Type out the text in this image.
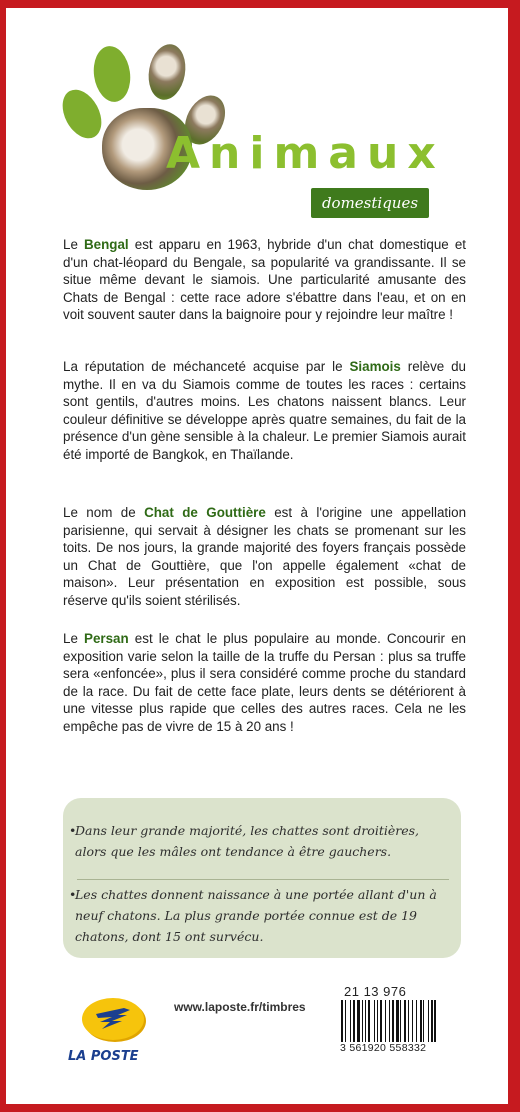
Animaux
domestiques

Le Bengal est apparu en 1963, hybride d'un chat domestique et d'un chat-léopard du Bengale, sa popularité va grandissante. Il se situe même devant le siamois. Une particularité amusante des Chats de Bengal : cette race adore s'ébattre dans l'eau, et on en voit souvent sauter dans la baignoire pour y rejoindre leur maître !

La réputation de méchanceté acquise par le Siamois relève du mythe. Il en va du Siamois comme de toutes les races : certains sont gentils, d'autres moins. Les chatons naissent blancs. Leur couleur définitive se développe après quatre semaines, du fait de la présence d'un gène sensible à la chaleur. Le premier Siamois aurait été importé de Bangkok, en Thaïlande.

Le nom de Chat de Gouttière est à l'origine une appellation parisienne, qui servait à désigner les chats se promenant sur les toits. De nos jours, la grande majorité des foyers français possède un Chat de Gouttière, que l'on appelle également «chat de maison». Leur présentation en exposition est possible, sous réserve qu'ils soient stérilisés.

Le Persan est le chat le plus populaire au monde. Concourir en exposition varie selon la taille de la truffe du Persan : plus sa truffe sera «enfoncée», plus il sera considéré comme proche du standard de la race. Du fait de cette face plate, leurs dents se détériorent à une vitesse plus rapide que celles des autres races. Cela ne les empêche pas de vivre de 15 à 20 ans !

•
Dans leur grande majorité, les chattes sont droitières, alors que les mâles ont tendance à être gauchers.
•
Les chattes donnent naissance à une portée allant d'un à neuf chatons. La plus grande portée connue est de 19 chatons, dont 15 ont survécu.
LA POSTE
www.laposte.fr/timbres
21 13 976
3 561920 558332
